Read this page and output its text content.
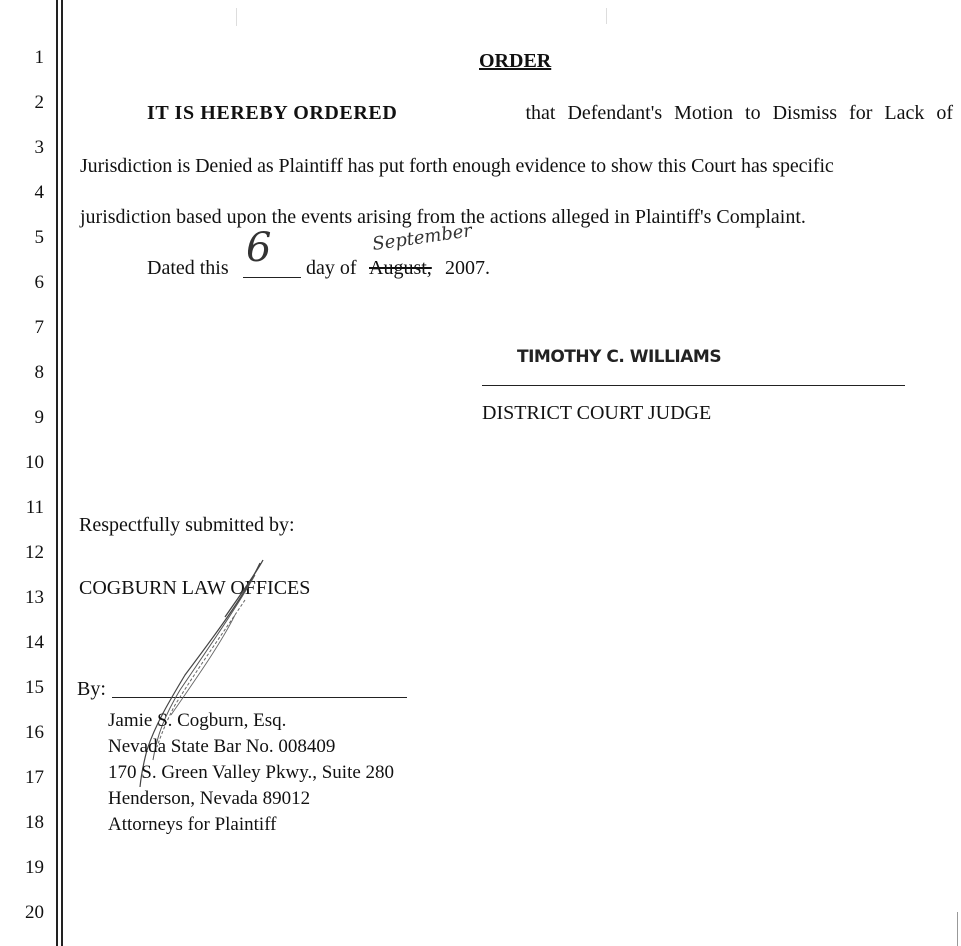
1
2
3
4
5
6
7
8
9
10
11
12
13
14
15
16
17
18
19
20
ORDER
IT IS HEREBY ORDERED	that Defendant's Motion to Dismiss for Lack of
Jurisdiction is Denied as Plaintiff has put forth enough evidence to show this Court has specific
jurisdiction based upon the events arising from the actions alleged in Plaintiff's Complaint.
Dated this 6 day of August,
September
2007.
TIMOTHY C. WILLIAMS
DISTRICT COURT JUDGE
Respectfully submitted by:
COGBURN LAW OFFICES
By:
Jamie S. Cogburn, Esq.
Nevada State Bar No. 008409
170 S. Green Valley Pkwy., Suite 280
Henderson, Nevada 89012
Attorneys for Plaintiff
